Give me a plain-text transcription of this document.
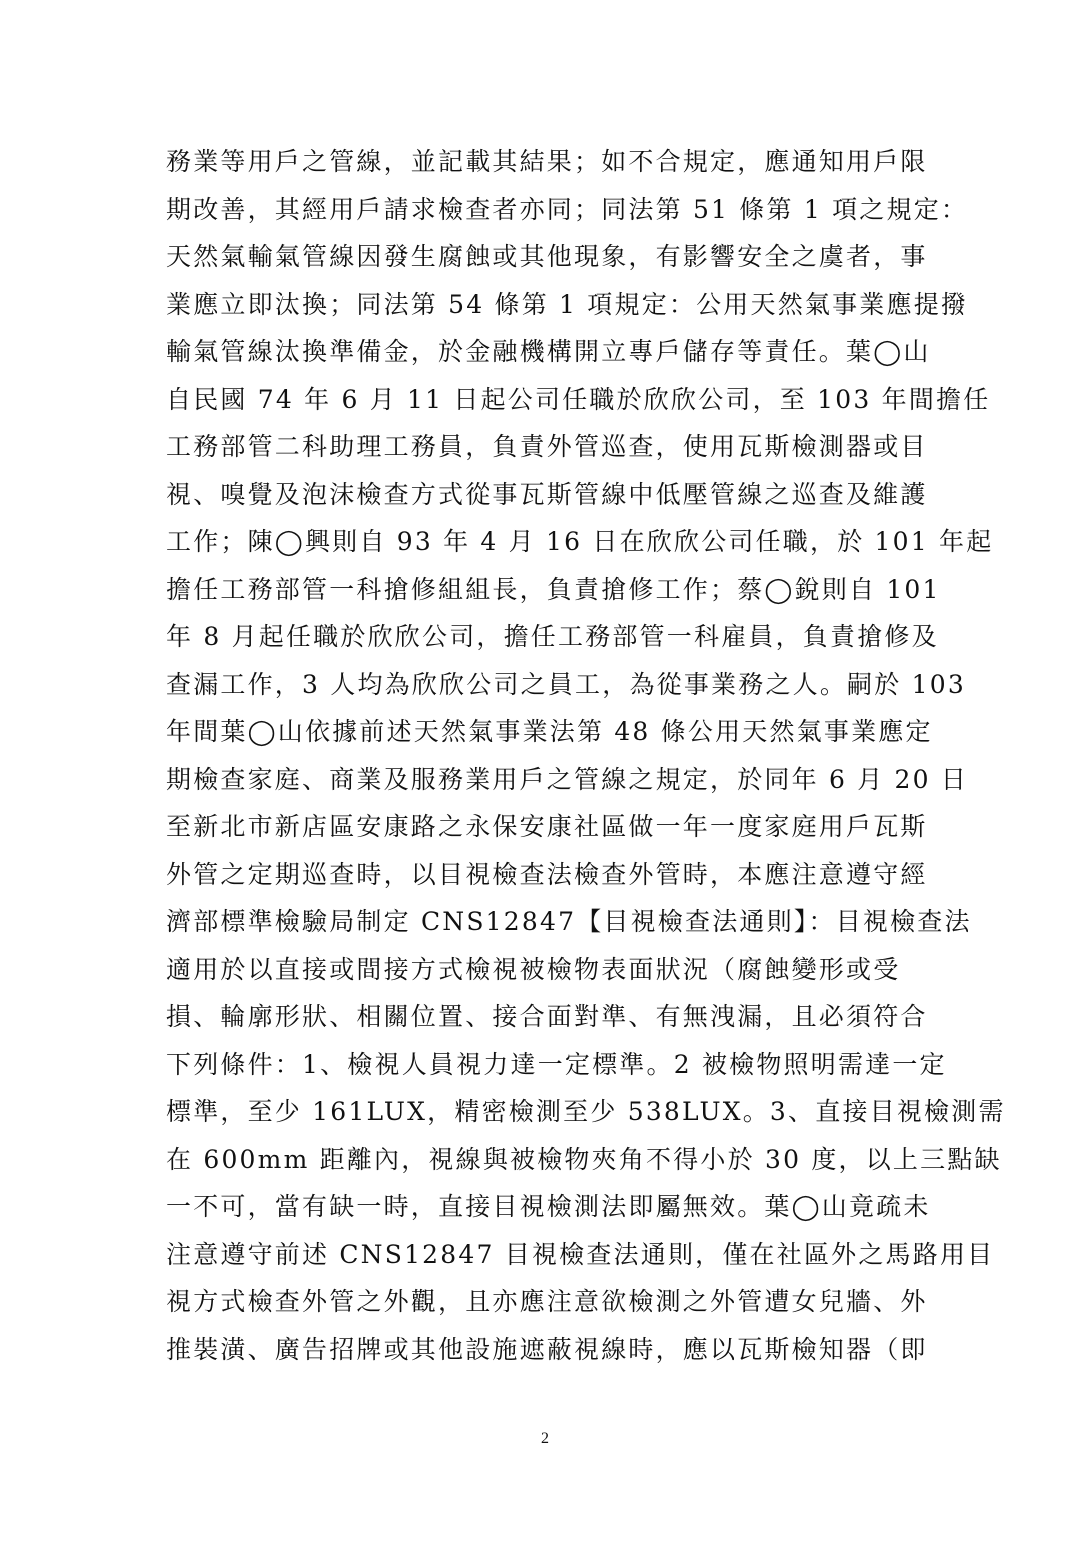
務業等用戶之管線，並記載其結果；如不合規定，應通知用戶限
期改善，其經用戶請求檢查者亦同；同法第 51 條第 1 項之規定：
天然氣輸氣管線因發生腐蝕或其他現象，有影響安全之虞者，事
業應立即汰換；同法第 54 條第 1 項規定：公用天然氣事業應提撥
輸氣管線汰換準備金，於金融機構開立專戶儲存等責任。葉◯山
自民國 74 年 6 月 11 日起公司任職於欣欣公司，至 103 年間擔任
工務部管二科助理工務員，負責外管巡查，使用瓦斯檢測器或目
視、嗅覺及泡沫檢查方式從事瓦斯管線中低壓管線之巡查及維護
工作；陳◯興則自 93 年 4 月 16 日在欣欣公司任職，於 101 年起
擔任工務部管一科搶修組組長，負責搶修工作；蔡◯銳則自 101
年 8 月起任職於欣欣公司，擔任工務部管一科雇員，負責搶修及
查漏工作，3 人均為欣欣公司之員工，為從事業務之人。嗣於 103
年間葉◯山依據前述天然氣事業法第 48 條公用天然氣事業應定
期檢查家庭、商業及服務業用戶之管線之規定，於同年 6 月 20 日
至新北市新店區安康路之永保安康社區做一年一度家庭用戶瓦斯
外管之定期巡查時，以目視檢查法檢查外管時，本應注意遵守經
濟部標準檢驗局制定 CNS12847【目視檢查法通則】：目視檢查法
適用於以直接或間接方式檢視被檢物表面狀況（腐蝕變形或受
損、輪廓形狀、相關位置、接合面對準、有無洩漏，且必須符合
下列條件：1、檢視人員視力達一定標準。2 被檢物照明需達一定
標準，至少 161LUX，精密檢測至少 538LUX。3、直接目視檢測需
在 600mm 距離內，視線與被檢物夾角不得小於 30 度，以上三點缺
一不可，當有缺一時，直接目視檢測法即屬無效。葉◯山竟疏未
注意遵守前述 CNS12847 目視檢查法通則，僅在社區外之馬路用目
視方式檢查外管之外觀，且亦應注意欲檢測之外管遭女兒牆、外
推裝潢、廣告招牌或其他設施遮蔽視線時，應以瓦斯檢知器（即
2
